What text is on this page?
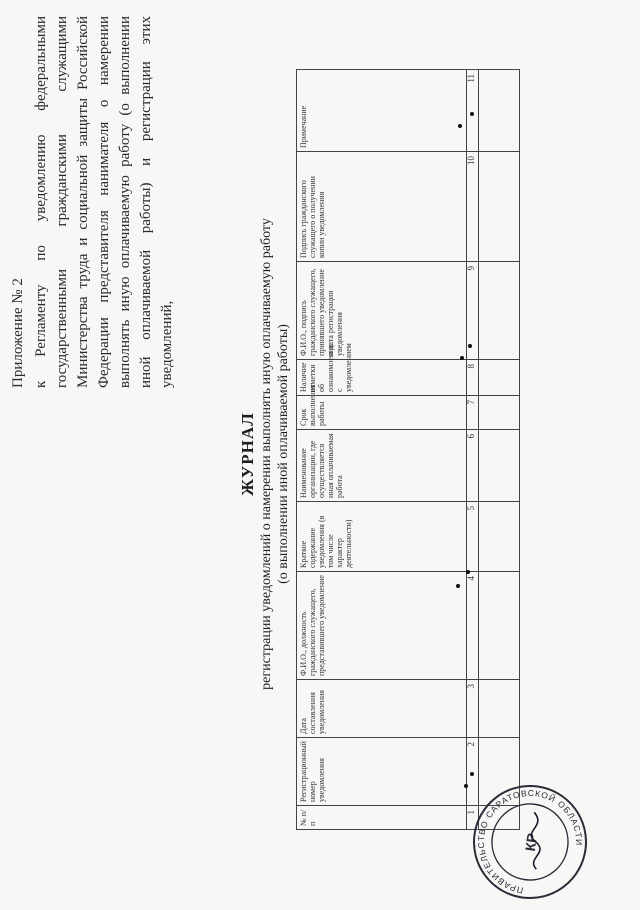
Приложение № 2 к Регламенту по уведомлению федеральными государственными гражданскими служащими Министерства труда и социальной защиты Российской Федерации представителя нанимателя о намерении выполнять иную оплачиваемую работу (о выполнении иной оплачиваемой работы) и регистрации этих уведомлений,
ЖУРНАЛ регистрации уведомлений о намерении выполнять иную оплачиваемую работу (о выполнении иной оплачиваемой работы)
№ п/п	Регистрационный номер уведомления	Дата составления уведомления	Ф.И.О., должность гражданского служащего, представившего уведомление	Краткое содержание уведомления (в том числе характер деятельности)	Наименование организации, где осуществляется иная оплачиваемая работа	Срок выполнения работы	Наличие отметки об ознакомлении с уведомлением	Ф.И.О., подпись гражданского служащего, принявшего уведомление и дата регистрации уведомления	Подпись гражданского служащего о получении копии уведомления	Примечание
1	2	3	4	5	6	7	8	9	10	11

ПРАВИТЕЛЬСТВО САРАТОВСКОЙ ОБЛАСТИ
КР
